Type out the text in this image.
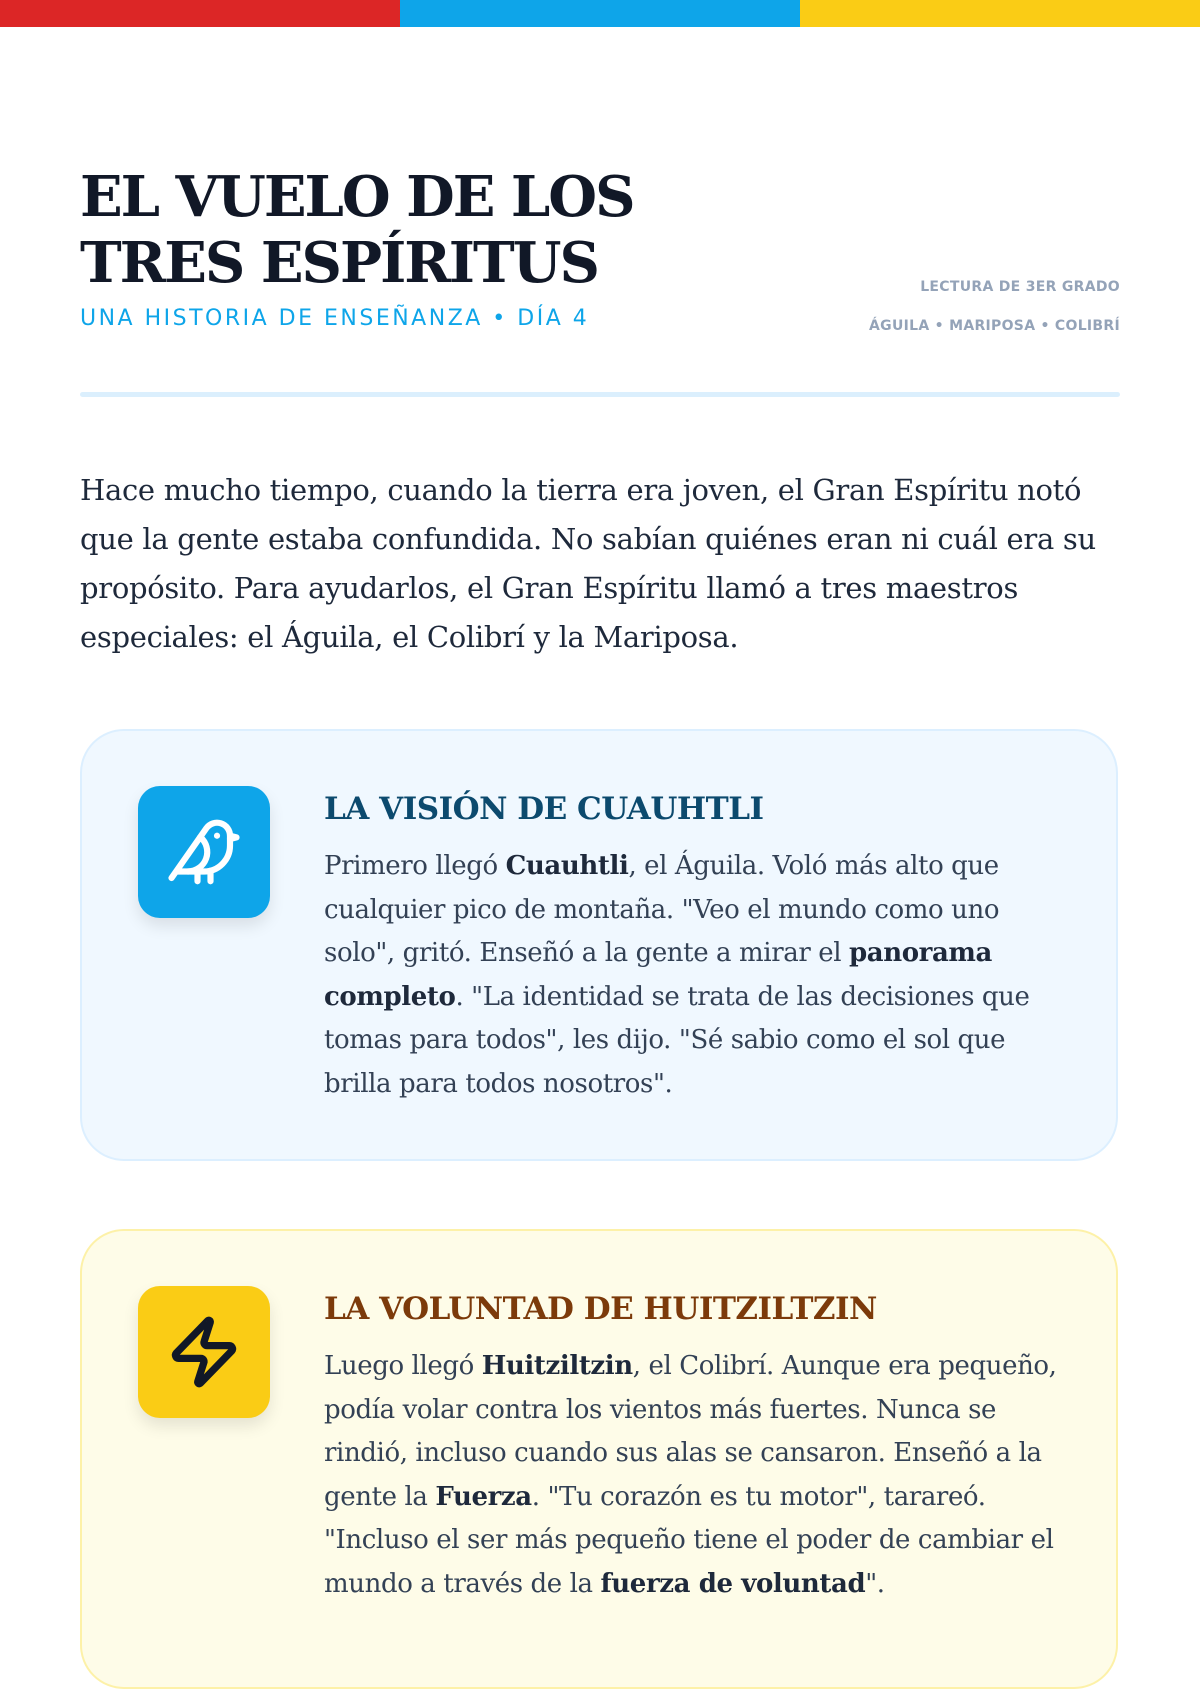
EL VUELO DE LOS TRES ESPÍRITUS
UNA HISTORIA DE ENSEÑANZA • DÍA 4
LECTURA DE 3ER GRADO
ÁGUILA • MARIPOSA • COLIBRÍ

Hace mucho tiempo, cuando la tierra era joven, el Gran Espíritu notó que la gente estaba confundida. No sabían quiénes eran ni cuál era su propósito. Para ayudarlos, el Gran Espíritu llamó a tres maestros especiales: el Águila, el Colibrí y la Mariposa.

LA VISIÓN DE CUAUHTLI

Primero llegó Cuauhtli, el Águila. Voló más alto que cualquier pico de montaña. "Veo el mundo como uno solo", gritó. Enseñó a la gente a mirar el panorama completo. "La identidad se trata de las decisiones que tomas para todos", les dijo. "Sé sabio como el sol que brilla para todos nosotros".

LA VOLUNTAD DE HUITZILTZIN

Luego llegó Huitziltzin, el Colibrí. Aunque era pequeño, podía volar contra los vientos más fuertes. Nunca se rindió, incluso cuando sus alas se cansaron. Enseñó a la gente la Fuerza. "Tu corazón es tu motor", tarareó. "Incluso el ser más pequeño tiene el poder de cambiar el mundo a través de la fuerza de voluntad".
